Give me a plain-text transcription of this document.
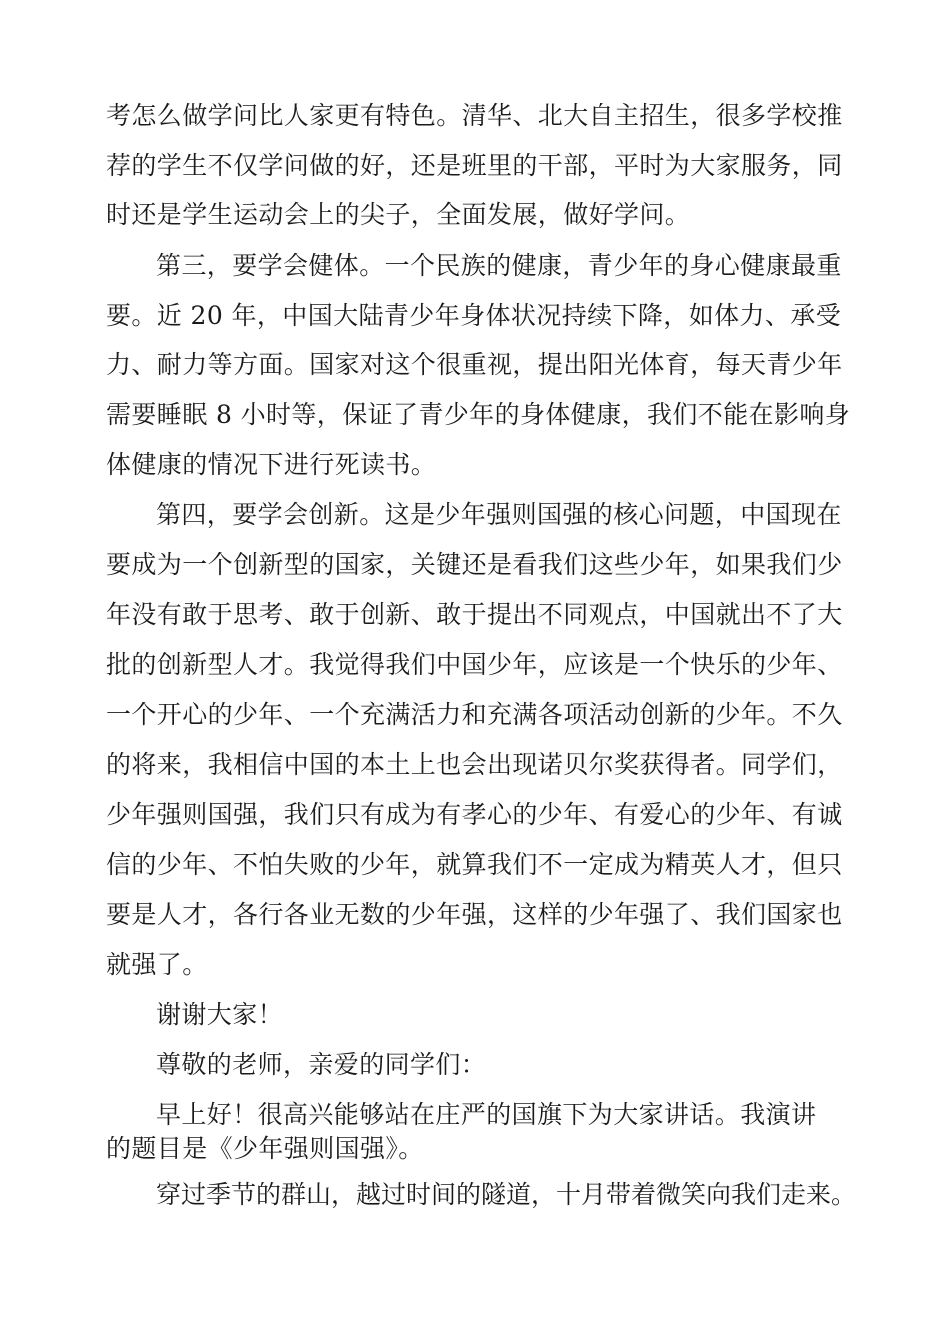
考怎么做学问比人家更有特色。清华、北大自主招生，很多学校推
荐的学生不仅学问做的好，还是班里的干部，平时为大家服务，同
时还是学生运动会上的尖子，全面发展，做好学问。
第三，要学会健体。一个民族的健康，青少年的身心健康最重
要。近 20 年，中国大陆青少年身体状况持续下降，如体力、承受
力、耐力等方面。国家对这个很重视，提出阳光体育，每天青少年
需要睡眠 8 小时等，保证了青少年的身体健康，我们不能在影响身
体健康的情况下进行死读书。
第四，要学会创新。这是少年强则国强的核心问题，中国现在
要成为一个创新型的国家，关键还是看我们这些少年，如果我们少
年没有敢于思考、敢于创新、敢于提出不同观点，中国就出不了大
批的创新型人才。我觉得我们中国少年，应该是一个快乐的少年、
一个开心的少年、一个充满活力和充满各项活动创新的少年。不久
的将来，我相信中国的本土上也会出现诺贝尔奖获得者。同学们，
少年强则国强，我们只有成为有孝心的少年、有爱心的少年、有诚
信的少年、不怕失败的少年，就算我们不一定成为精英人才，但只
要是人才，各行各业无数的少年强，这样的少年强了、我们国家也
就强了。
谢谢大家！
尊敬的老师，亲爱的同学们：
早上好！很高兴能够站在庄严的国旗下为大家讲话。我演讲
的题目是《少年强则国强》。
穿过季节的群山，越过时间的隧道，十月带着微笑向我们走来。
